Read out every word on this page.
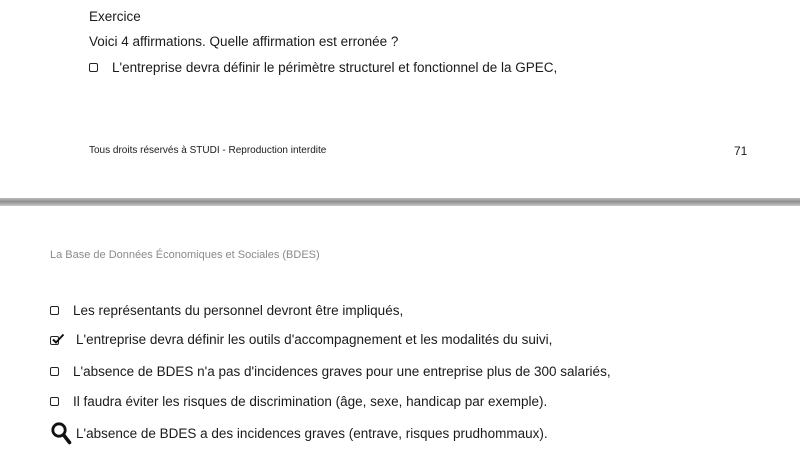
Exercice
Voici 4 affirmations. Quelle affirmation est erronée ?
L'entreprise devra définir le périmètre structurel et fonctionnel de la GPEC,
Tous droits réservés à STUDI - Reproduction interdite	71
La Base de Données Économiques et Sociales (BDES)
Les représentants du personnel devront être impliqués,
L'entreprise devra définir les outils d'accompagnement et les modalités du suivi,
L'absence de BDES n'a pas d'incidences graves pour une entreprise plus de 300 salariés,
Il faudra éviter les risques de discrimination (âge, sexe, handicap par exemple).
L'absence de BDES a des incidences graves (entrave, risques prudhommaux).
